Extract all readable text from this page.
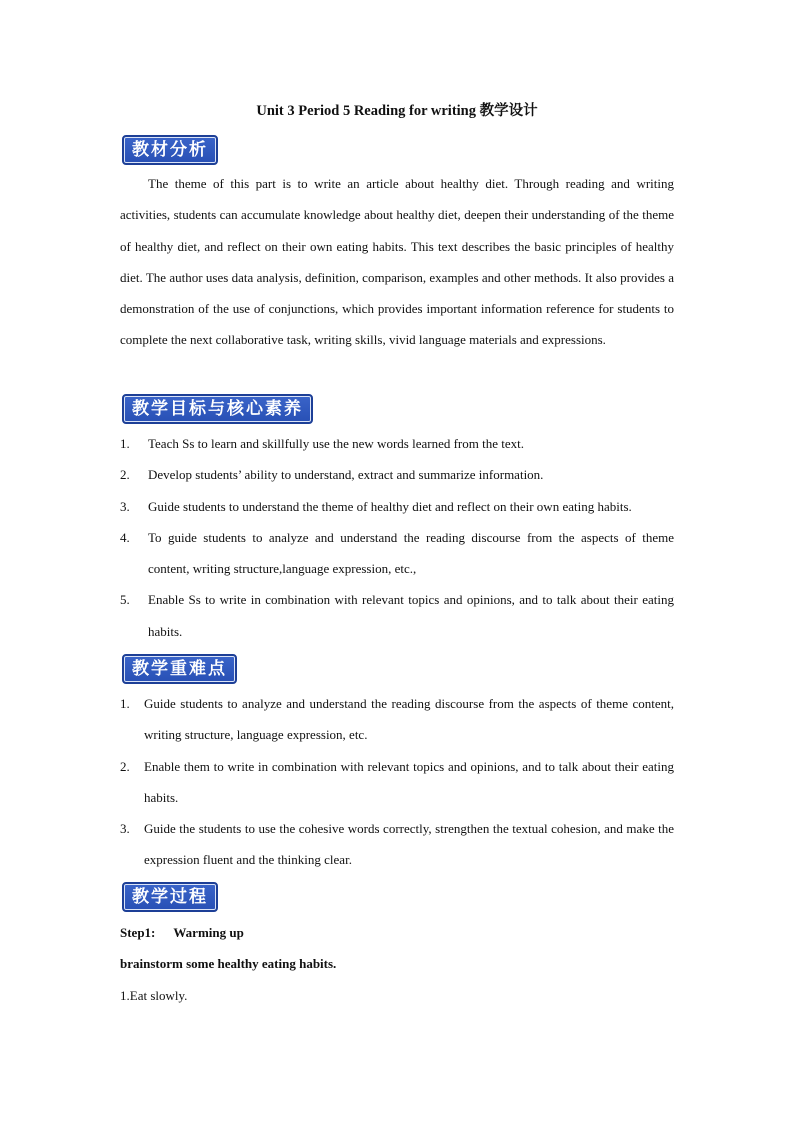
Unit 3 Period 5 Reading for writing 教学设计
教材分析
The theme of this part is to write an article about healthy diet. Through reading and writing activities, students can accumulate knowledge about healthy diet, deepen their understanding of the theme of healthy diet, and reflect on their own eating habits. This text describes the basic principles of healthy diet. The author uses data analysis, definition, comparison, examples and other methods. It also provides a demonstration of the use of conjunctions, which provides important information reference for students to complete the next collaborative task, writing skills, vivid language materials and expressions.
教学目标与核心素养
1. Teach Ss to learn and skillfully use the new words learned from the text.
2. Develop students’ ability to understand, extract and summarize information.
3. Guide students to understand the theme of healthy diet and reflect on their own eating habits.
4. To guide students to analyze and understand the reading discourse from the aspects of theme content, writing structure,language expression, etc.,
5. Enable Ss to write in combination with relevant topics and opinions, and to talk about their eating habits.
教学重难点
1. Guide students to analyze and understand the reading discourse from the aspects of theme content, writing structure, language expression, etc.
2. Enable them to write in combination with relevant topics and opinions, and to talk about their eating habits.
3. Guide the students to use the cohesive words correctly, strengthen the textual cohesion, and make the expression fluent and the thinking clear.
教学过程
Step1: Warming up
brainstorm some healthy eating habits.
1.Eat slowly.
